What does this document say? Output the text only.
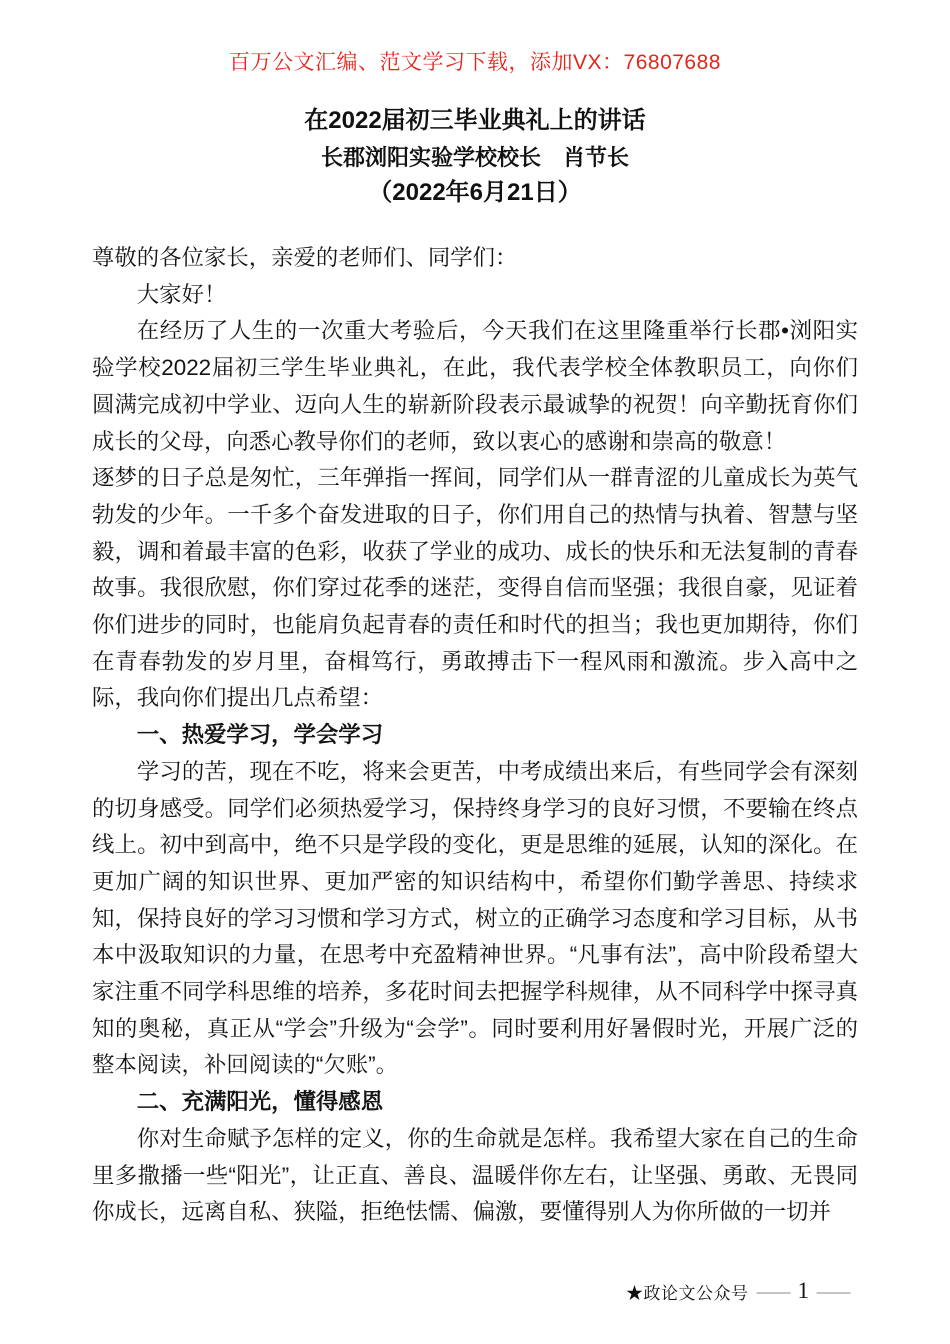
百万公文汇编、范文学习下载，添加VX：76807688
在2022届初三毕业典礼上的讲话
长郡浏阳实验学校校长　肖节长
（2022年6月21日）

尊敬的各位家长，亲爱的老师们、同学们：

大家好！

在经历了人生的一次重大考验后，今天我们在这里隆重举行长郡•浏阳实验学校2022届初三学生毕业典礼，在此，我代表学校全体教职员工，向你们圆满完成初中学业、迈向人生的崭新阶段表示最诚挚的祝贺！向辛勤抚育你们成长的父母，向悉心教导你们的老师，致以衷心的感谢和崇高的敬意！

逐梦的日子总是匆忙，三年弹指一挥间，同学们从一群青涩的儿童成长为英气勃发的少年。一千多个奋发进取的日子，你们用自己的热情与执着、智慧与坚毅，调和着最丰富的色彩，收获了学业的成功、成长的快乐和无法复制的青春故事。我很欣慰，你们穿过花季的迷茫，变得自信而坚强；我很自豪，见证着你们进步的同时，也能肩负起青春的责任和时代的担当；我也更加期待，你们在青春勃发的岁月里，奋楫笃行，勇敢搏击下一程风雨和激流。步入高中之际，我向你们提出几点希望：

一、热爱学习，学会学习

学习的苦，现在不吃，将来会更苦，中考成绩出来后，有些同学会有深刻的切身感受。同学们必须热爱学习，保持终身学习的良好习惯，不要输在终点线上。初中到高中，绝不只是学段的变化，更是思维的延展，认知的深化。在更加广阔的知识世界、更加严密的知识结构中，希望你们勤学善思、持续求知，保持良好的学习习惯和学习方式，树立的正确学习态度和学习目标，从书本中汲取知识的力量，在思考中充盈精神世界。“凡事有法”，高中阶段希望大家注重不同学科思维的培养，多花时间去把握学科规律，从不同科学中探寻真知的奥秘，真正从“学会”升级为“会学”。同时要利用好暑假时光，开展广泛的整本阅读，补回阅读的“欠账”。

二、充满阳光，懂得感恩

你对生命赋予怎样的定义，你的生命就是怎样。我希望大家在自己的生命里多撒播一些“阳光”，让正直、善良、温暖伴你左右，让坚强、勇敢、无畏同你成长，远离自私、狭隘，拒绝怯懦、偏激，要懂得别人为你所做的一切并

★政论文公众号 — 1 —
